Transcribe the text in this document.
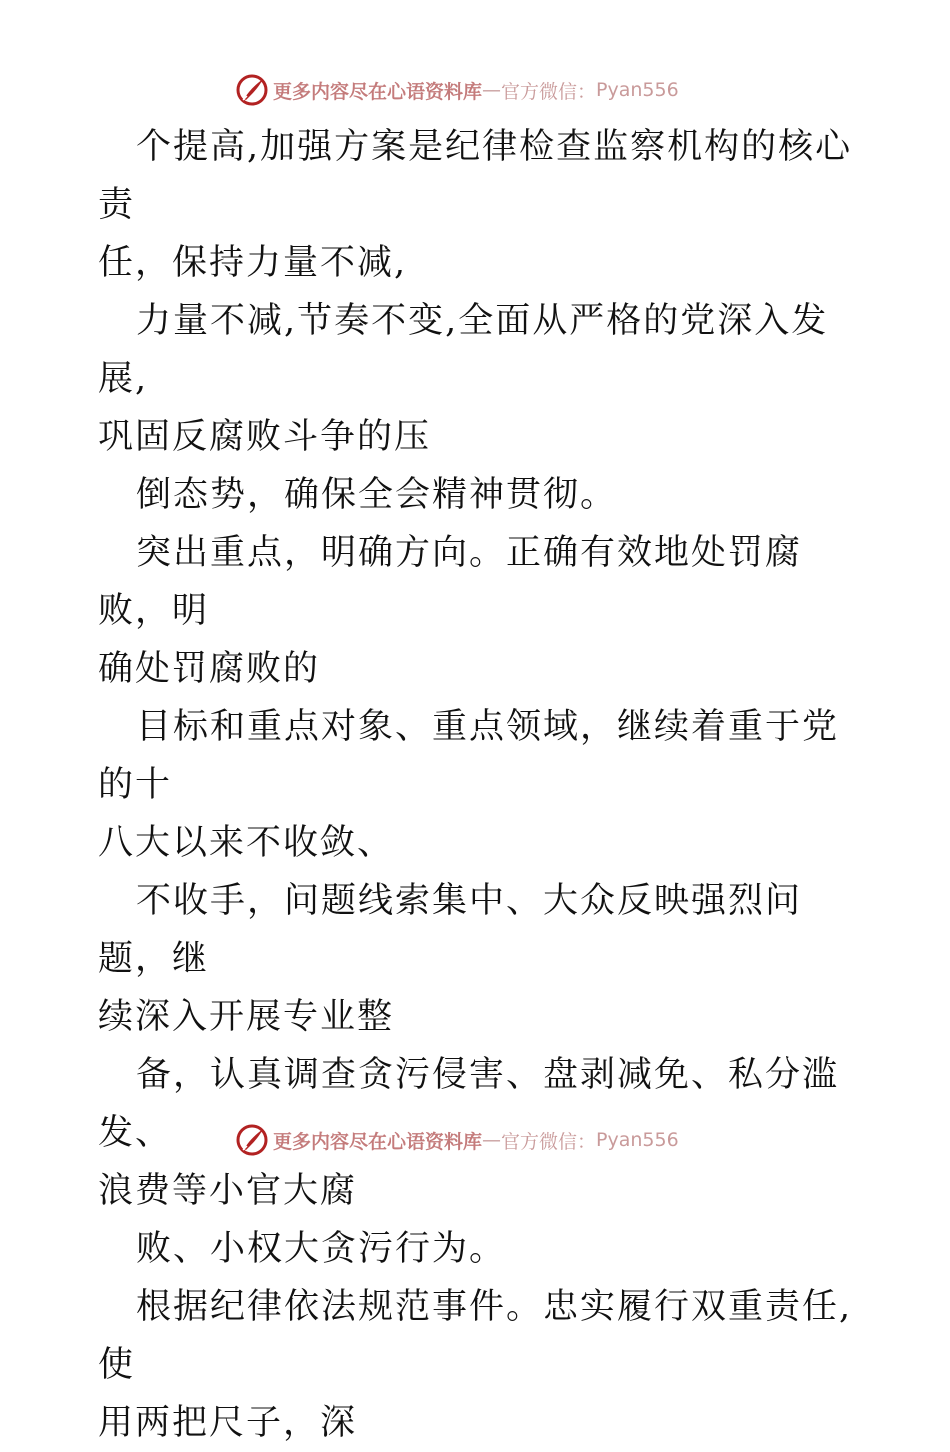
更多内容尽在心语资料库 — 官方微信： Pyan556

个提高,加强方案是纪律检查监察机构的核心责
任，保持力量不减,

力量不减,节奏不变,全面从严格的党深入发展,
巩固反腐败斗争的压

倒态势，确保全会精神贯彻。

突出重点，明确方向。正确有效地处罚腐败，明
确处罚腐败的

目标和重点对象、重点领域，继续着重于党的十
八大以来不收敛、

不收手，问题线索集中、大众反映强烈问题，继
续深入开展专业整

备，认真调查贪污侵害、盘剥减免、私分滥发、
浪费等小官大腐

败、小权大贪污行为。

根据纪律依法规范事件。忠实履行双重责任,使
用两把尺子，深

更多内容尽在心语资料库 — 官方微信： Pyan556
